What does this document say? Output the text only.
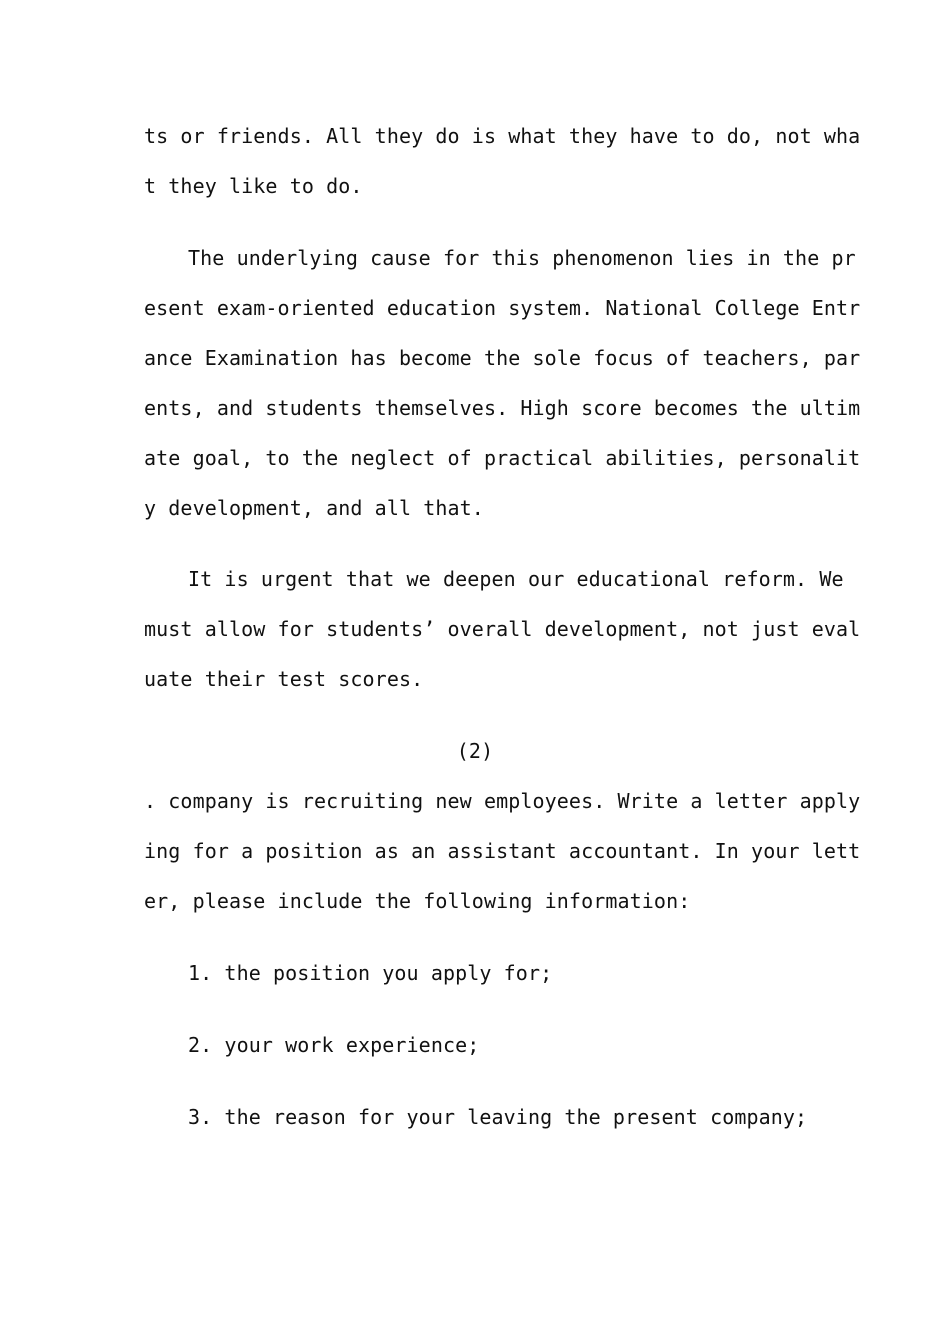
ts or friends. All they do is what they have to do, not wha
t they like to do.
The underlying cause for this phenomenon lies in the pr
esent exam-oriented education system. National College Entr
ance Examination has become the sole focus of teachers, par
ents, and students themselves. High score becomes the ultim
ate goal, to the neglect of practical abilities, personalit
y development, and all that.
It is urgent that we deepen our educational reform. We
must allow for students’ overall development, not just eval
uate their test scores.
(2)
. company is recruiting new employees. Write a letter apply
ing for a position as an assistant accountant. In your lett
er, please include the following information:
1. the position you apply for;
2. your work experience;
3. the reason for your leaving the present company;
